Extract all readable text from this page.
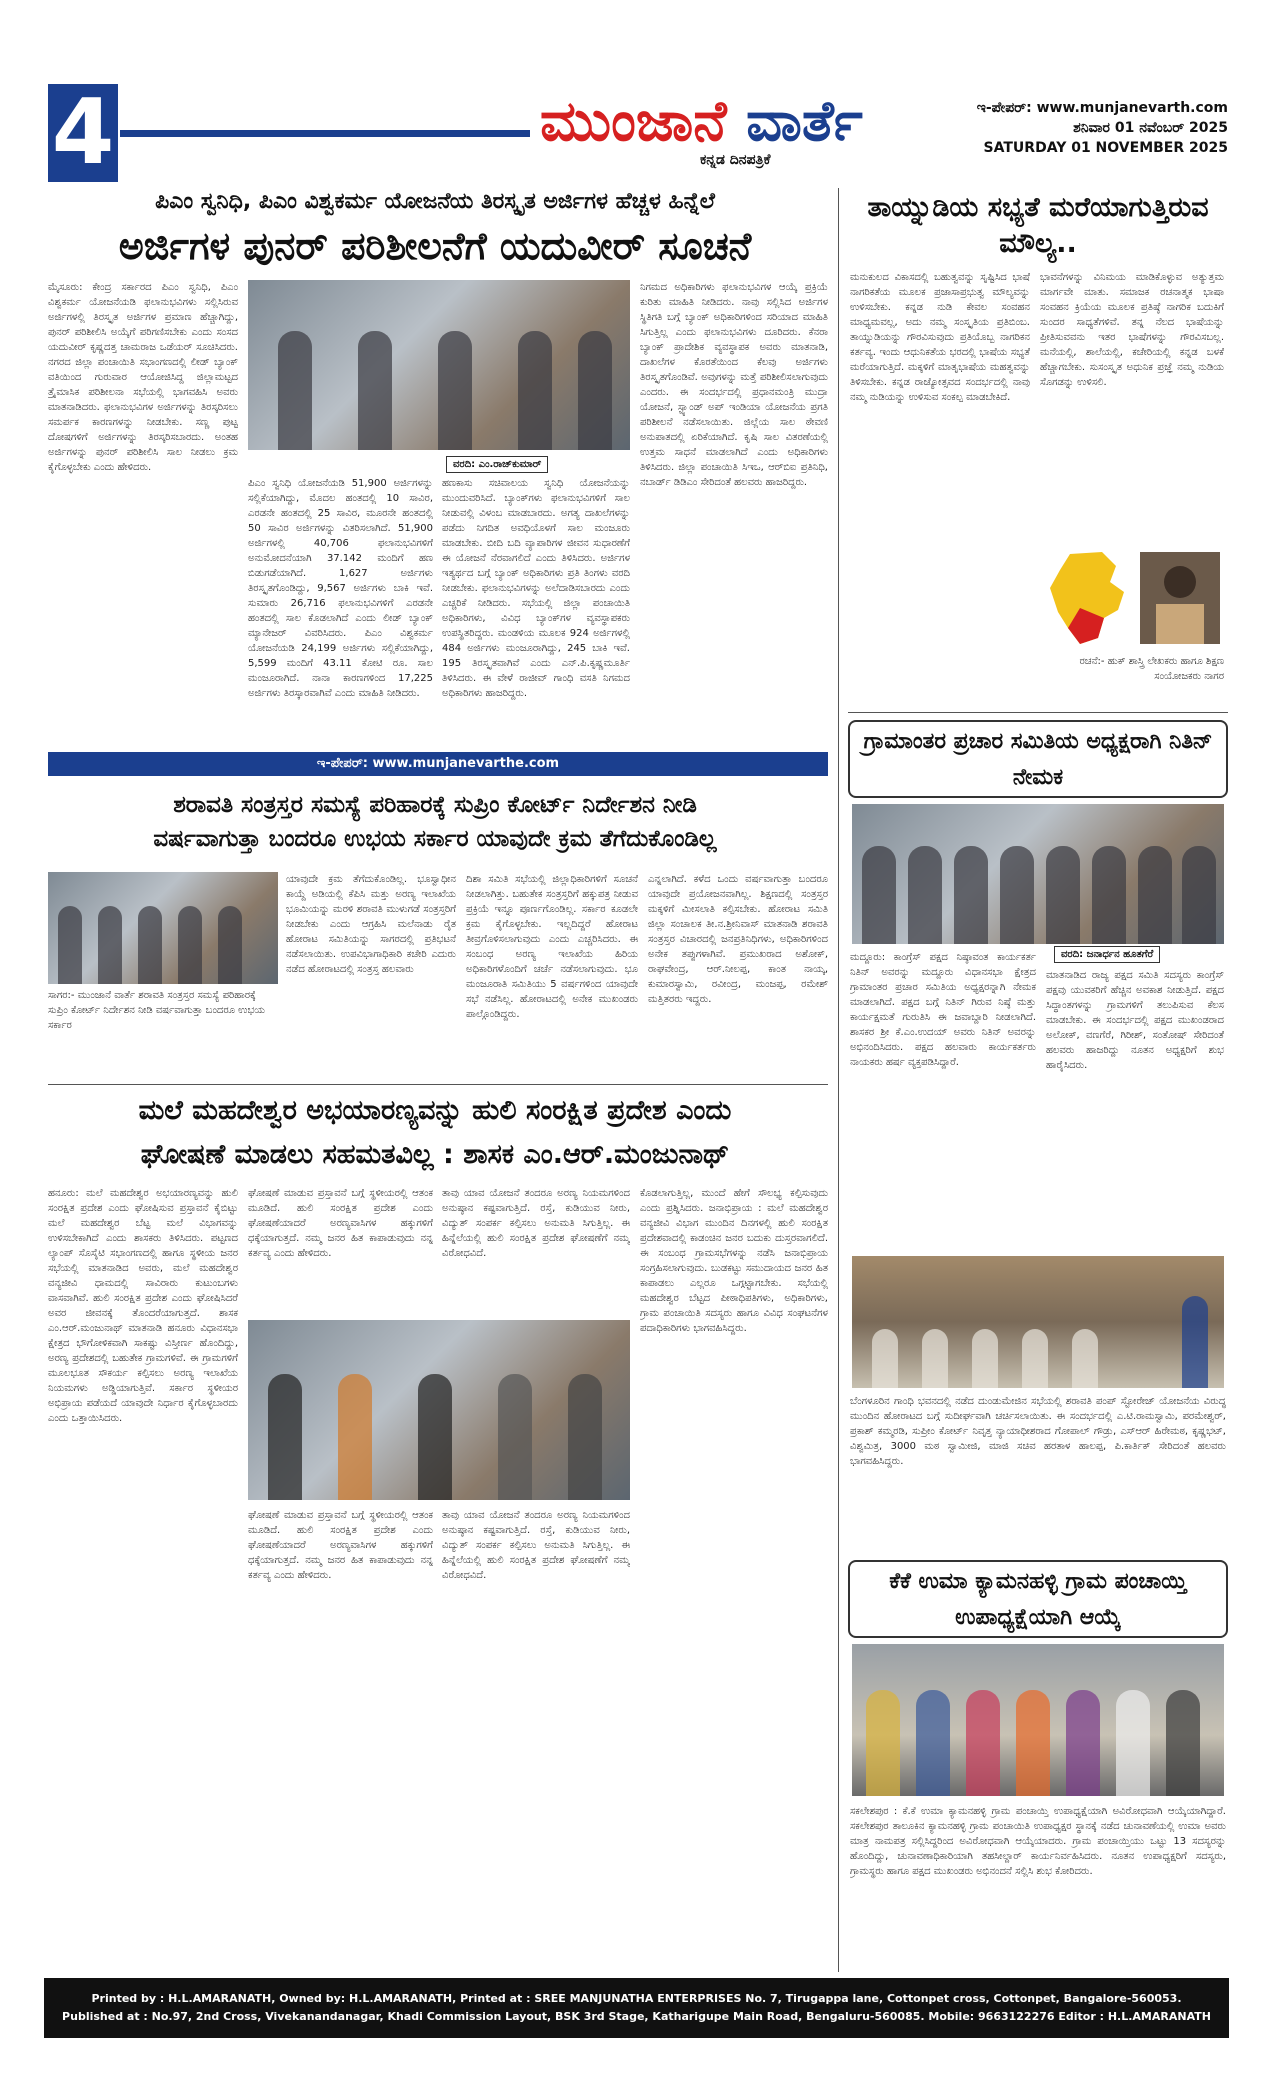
4	ಮುಂಜಾನೆ ವಾರ್ತೆ
ಕನ್ನಡ ದಿನಪತ್ರಿಕೆ
ಇ-ಪೇಪರ್: www.munjanevarth.com
ಶನಿವಾರ 01 ನವೆಂಬರ್ 2025
SATURDAY 01 NOVEMBER 2025
ಪಿಎಂ ಸ್ವನಿಧಿ, ಪಿಎಂ ವಿಶ್ವಕರ್ಮ ಯೋಜನೆಯ ತಿರಸ್ಕೃತ ಅರ್ಜಿಗಳ ಹೆಚ್ಚಳ ಹಿನ್ನೆಲೆ
ಅರ್ಜಿಗಳ ಪುನರ್ ಪರಿಶೀಲನೆಗೆ ಯದುವೀರ್ ಸೂಚನೆ
ಮೈಸೂರು: ಕೇಂದ್ರ ಸರ್ಕಾರದ ಪಿಎಂ ಸ್ವನಿಧಿ, ಪಿಎಂ ವಿಶ್ವಕರ್ಮ ಯೋಜನೆಯಡಿ ಫಲಾನುಭವಿಗಳು ಸಲ್ಲಿಸಿರುವ ಅರ್ಜಿಗಳಲ್ಲಿ ತಿರಸ್ಕೃತ ಅರ್ಜಿಗಳ ಪ್ರಮಾಣ ಹೆಚ್ಚಾಗಿದ್ದು, ಪುನರ್ ಪರಿಶೀಲಿಸಿ ಅಯ್ಕೆಗೆ ಪರಿಗಣಿಸಬೇಕು ಎಂದು ಸಂಸದ ಯದುವೀರ್ ಕೃಷ್ಣದತ್ತ ಚಾಮರಾಜ ಒಡೆಯರ್ ಸೂಚಿಸಿದರು. ನಗರದ ಜಿಲ್ಲಾ ಪಂಚಾಯಿತಿ ಸಭಾಂಗಣದಲ್ಲಿ ಲೀಡ್ ಬ್ಯಾಂಕ್ ವತಿಯಿಂದ ಗುರುವಾರ ಆಯೋಜಿಸಿದ್ದ ಜಿಲ್ಲಾಮಟ್ಟದ ತ್ರೈಮಾಸಿಕ ಪರಿಶೀಲನಾ ಸಭೆಯಲ್ಲಿ ಭಾಗವಹಿಸಿ ಅವರು ಮಾತನಾಡಿದರು. ಫಲಾನುಭವಿಗಳ ಅರ್ಜಿಗಳನ್ನು ತಿರಸ್ಕರಿಸಲು ಸಮರ್ಪಕ ಕಾರಣಗಳನ್ನು ನೀಡಬೇಕು. ಸಣ್ಣ ಪುಟ್ಟ ದೋಷಗಳಿಗೆ ಅರ್ಜಿಗಳನ್ನು ತಿರಸ್ಕರಿಸಬಾರದು. ಅಂತಹ ಅರ್ಜಿಗಳನ್ನು ಪುನರ್ ಪರಿಶೀಲಿಸಿ ಸಾಲ ನೀಡಲು ಕ್ರಮ ಕೈಗೊಳ್ಳಬೇಕು ಎಂದು ಹೇಳಿದರು.	ವರದಿ: ಎಂ.ರಾಜ್‌ಕುಮಾರ್
ಪಿಎಂ ಸ್ವನಿಧಿ ಯೋಜನೆಯಡಿ 51,900 ಅರ್ಜಿಗಳನ್ನು ಸಲ್ಲಿಕೆಯಾಗಿದ್ದು, ಮೊದಲ ಹಂತದಲ್ಲಿ 10 ಸಾವಿರ, ಎರಡನೇ ಹಂತದಲ್ಲಿ 25 ಸಾವಿರ, ಮೂರನೇ ಹಂತದಲ್ಲಿ 50 ಸಾವಿರ ಅರ್ಜಿಗಳನ್ನು ವಿತರಿಸಲಾಗಿದೆ. 51,900 ಅರ್ಜಿಗಳಲ್ಲಿ 40,706 ಫಲಾನುಭವಿಗಳಿಗೆ ಅನುಮೋದನೆಯಾಗಿ 37.142 ಮಂದಿಗೆ ಹಣ ಬಿಡುಗಡೆಯಾಗಿದೆ. 1,627 ಅರ್ಜಿಗಳು ತಿರಸ್ಕೃತಗೊಂಡಿದ್ದು, 9,567 ಅರ್ಜಿಗಳು ಬಾಕಿ ಇವೆ. ಸುಮಾರು 26,716 ಫಲಾನುಭವಿಗಳಿಗೆ ಎರಡನೇ ಹಂತದಲ್ಲಿ ಸಾಲ ಕೊಡಲಾಗಿದೆ ಎಂದು ಲೀಡ್ ಬ್ಯಾಂಕ್ ಮ್ಯಾನೇಜರ್ ವಿವರಿಸಿದರು. ಪಿಎಂ ವಿಶ್ವಕರ್ಮ ಯೋಜನೆಯಡಿ 24,199 ಅರ್ಜಿಗಳು ಸಲ್ಲಿಕೆಯಾಗಿದ್ದು, 5,599 ಮಂದಿಗೆ 43.11 ಕೋಟಿ ರೂ. ಸಾಲ ಮಂಜೂರಾಗಿದೆ. ನಾನಾ ಕಾರಣಗಳಿಂದ 17,225 ಅರ್ಜಿಗಳು ತಿರಸ್ಕಾರವಾಗಿವೆ ಎಂದು ಮಾಹಿತಿ ನೀಡಿದರು.
ಹಣಕಾಸು ಸಚಿವಾಲಯ ಸ್ವನಿಧಿ ಯೋಜನೆಯನ್ನು ಮುಂದುವರಿಸಿದೆ. ಬ್ಯಾಂಕ್‌ಗಳು ಫಲಾನುಭವಿಗಳಿಗೆ ಸಾಲ ನೀಡುವಲ್ಲಿ ವಿಳಂಬ ಮಾಡಬಾರದು. ಅಗತ್ಯ ದಾಖಲೆಗಳನ್ನು ಪಡೆದು ನಿಗದಿತ ಅವಧಿಯೊಳಗೆ ಸಾಲ ಮಂಜೂರು ಮಾಡಬೇಕು. ಬೀದಿ ಬದಿ ವ್ಯಾಪಾರಿಗಳ ಜೀವನ ಸುಧಾರಣೆಗೆ ಈ ಯೋಜನೆ ನೆರವಾಗಲಿದೆ ಎಂದು ತಿಳಿಸಿದರು. ಅರ್ಜಿಗಳ ಇತ್ಯರ್ಥದ ಬಗ್ಗೆ ಬ್ಯಾಂಕ್ ಅಧಿಕಾರಿಗಳು ಪ್ರತಿ ತಿಂಗಳು ವರದಿ ನೀಡಬೇಕು. ಫಲಾನುಭವಿಗಳನ್ನು ಅಲೆದಾಡಿಸಬಾರದು ಎಂದು ಎಚ್ಚರಿಕೆ ನೀಡಿದರು. ಸಭೆಯಲ್ಲಿ ಜಿಲ್ಲಾ ಪಂಚಾಯಿತಿ ಅಧಿಕಾರಿಗಳು, ವಿವಿಧ ಬ್ಯಾಂಕ್‌ಗಳ ವ್ಯವಸ್ಥಾಪಕರು ಉಪಸ್ಥಿತರಿದ್ದರು. ಮಂಡಳಿಯ ಮೂಲಕ 924 ಅರ್ಜಿಗಳಲ್ಲಿ 484 ಅರ್ಜಿಗಳು ಮಂಜೂರಾಗಿದ್ದು, 245 ಬಾಕಿ ಇವೆ. 195 ತಿರಸ್ಕೃತವಾಗಿವೆ ಎಂದು ಎನ್.ಪಿ.ಕೃಷ್ಣಮೂರ್ತಿ ತಿಳಿಸಿದರು. ಈ ವೇಳೆ ರಾಜೀವ್ ಗಾಂಧಿ ವಸತಿ ನಿಗಮದ ಅಧಿಕಾರಿಗಳು ಹಾಜರಿದ್ದರು.
ನಿಗಮದ ಅಧಿಕಾರಿಗಳು ಫಲಾನುಭವಿಗಳ ಆಯ್ಕೆ ಪ್ರಕ್ರಿಯೆ ಕುರಿತು ಮಾಹಿತಿ ನೀಡಿದರು. ನಾವು ಸಲ್ಲಿಸಿದ ಅರ್ಜಿಗಳ ಸ್ಥಿತಿಗತಿ ಬಗ್ಗೆ ಬ್ಯಾಂಕ್ ಅಧಿಕಾರಿಗಳಿಂದ ಸರಿಯಾದ ಮಾಹಿತಿ ಸಿಗುತ್ತಿಲ್ಲ ಎಂದು ಫಲಾನುಭವಿಗಳು ದೂರಿದರು. ಕೆನರಾ ಬ್ಯಾಂಕ್ ಪ್ರಾದೇಶಿಕ ವ್ಯವಸ್ಥಾಪಕ ಅವರು ಮಾತನಾಡಿ, ದಾಖಲೆಗಳ ಕೊರತೆಯಿಂದ ಕೆಲವು ಅರ್ಜಿಗಳು ತಿರಸ್ಕೃತಗೊಂಡಿವೆ. ಅವುಗಳನ್ನು ಮತ್ತೆ ಪರಿಶೀಲಿಸಲಾಗುವುದು ಎಂದರು. ಈ ಸಂದರ್ಭದಲ್ಲಿ ಪ್ರಧಾನಮಂತ್ರಿ ಮುದ್ರಾ ಯೋಜನೆ, ಸ್ಟ್ಯಾಂಡ್ ಅಪ್ ಇಂಡಿಯಾ ಯೋಜನೆಯ ಪ್ರಗತಿ ಪರಿಶೀಲನೆ ನಡೆಸಲಾಯಿತು. ಜಿಲ್ಲೆಯ ಸಾಲ ಠೇವಣಿ ಅನುಪಾತದಲ್ಲಿ ಏರಿಕೆಯಾಗಿದೆ. ಕೃಷಿ ಸಾಲ ವಿತರಣೆಯಲ್ಲಿ ಉತ್ತಮ ಸಾಧನೆ ಮಾಡಲಾಗಿದೆ ಎಂದು ಅಧಿಕಾರಿಗಳು ತಿಳಿಸಿದರು. ಜಿಲ್ಲಾ ಪಂಚಾಯಿತಿ ಸಿಇಒ, ಆರ್‌ಬಿಐ ಪ್ರತಿನಿಧಿ, ನಬಾರ್ಡ್ ಡಿಡಿಎಂ ಸೇರಿದಂತೆ ಹಲವರು ಹಾಜರಿದ್ದರು.
ಇ-ಪೇಪರ್: www.munjanevarthe.com
ಶರಾವತಿ ಸಂತ್ರಸ್ತರ ಸಮಸ್ಯೆ ಪರಿಹಾರಕ್ಕೆ ಸುಪ್ರಿಂ ಕೋರ್ಟ್ ನಿರ್ದೇಶನ ನೀಡಿ
ವರ್ಷವಾಗುತ್ತಾ ಬಂದರೂ ಉಭಯ ಸರ್ಕಾರ ಯಾವುದೇ ಕ್ರಮ ತೆಗೆದುಕೊಂಡಿಲ್ಲ
ಸಾಗರ:- ಮುಂಜಾನೆ ವಾರ್ತೆ ಶರಾವತಿ ಸಂತ್ರಸ್ತರ ಸಮಸ್ಯೆ ಪರಿಹಾರಕ್ಕೆ ಸುಪ್ರಿಂ ಕೋರ್ಟ್ ನಿರ್ದೇಶನ ನೀಡಿ ವರ್ಷವಾಗುತ್ತಾ ಬಂದರೂ ಉಭಯ ಸರ್ಕಾರ
ಯಾವುದೇ ಕ್ರಮ ತೆಗೆದುಕೊಂಡಿಲ್ಲ. ಭೂಸ್ವಾಧೀನ ಕಾಯ್ದೆ ಅಡಿಯಲ್ಲಿ ಕೆಪಿಸಿ ಮತ್ತು ಅರಣ್ಯ ಇಲಾಖೆಯ ಭೂಮಿಯನ್ನು ಮರಳಿ ಶರಾವತಿ ಮುಳುಗಡೆ ಸಂತ್ರಸ್ತರಿಗೆ ನೀಡಬೇಕು ಎಂದು ಆಗ್ರಹಿಸಿ ಮಲೆನಾಡು ರೈತ ಹೋರಾಟ ಸಮಿತಿಯನ್ನು ಸಾಗರದಲ್ಲಿ ಪ್ರತಿಭಟನೆ ನಡೆಸಲಾಯಿತು. ಉಪವಿಭಾಗಾಧಿಕಾರಿ ಕಚೇರಿ ಎದುರು ನಡೆದ ಹೋರಾಟದಲ್ಲಿ ಸಂತ್ರಸ್ತ ಹಲವಾರು
ದಿಶಾ ಸಮಿತಿ ಸಭೆಯಲ್ಲಿ ಜಿಲ್ಲಾಧಿಕಾರಿಗಳಿಗೆ ಸೂಚನೆ ನೀಡಲಾಗಿತ್ತು. ಬಹುತೇಕ ಸಂತ್ರಸ್ತರಿಗೆ ಹಕ್ಕುಪತ್ರ ನೀಡುವ ಪ್ರಕ್ರಿಯೆ ಇನ್ನೂ ಪೂರ್ಣಗೊಂಡಿಲ್ಲ. ಸರ್ಕಾರ ಕೂಡಲೇ ಕ್ರಮ ಕೈಗೊಳ್ಳಬೇಕು. ಇಲ್ಲದಿದ್ದರೆ ಹೋರಾಟ ತೀವ್ರಗೊಳಿಸಲಾಗುವುದು ಎಂದು ಎಚ್ಚರಿಸಿದರು. ಈ ಸಂಬಂಧ ಅರಣ್ಯ ಇಲಾಖೆಯ ಹಿರಿಯ ಅಧಿಕಾರಿಗಳೊಂದಿಗೆ ಚರ್ಚೆ ನಡೆಸಲಾಗುವುದು. ಭೂ ಮಂಜೂರಾತಿ ಸಮಿತಿಯು 5 ವರ್ಷಗಳಿಂದ ಯಾವುದೇ ಸಭೆ ನಡೆಸಿಲ್ಲ. ಹೋರಾಟದಲ್ಲಿ ಅನೇಕ ಮುಖಂಡರು ಪಾಲ್ಗೊಂಡಿದ್ದರು.
ಎನ್ನಲಾಗಿದೆ. ಕಳೆದ ಒಂದು ವರ್ಷವಾಗುತ್ತಾ ಬಂದರೂ ಯಾವುದೇ ಪ್ರಯೋಜನವಾಗಿಲ್ಲ. ಶಿಕ್ಷಣದಲ್ಲಿ ಸಂತ್ರಸ್ತರ ಮಕ್ಕಳಿಗೆ ಮೀಸಲಾತಿ ಕಲ್ಪಿಸಬೇಕು. ಹೋರಾಟ ಸಮಿತಿ ಜಿಲ್ಲಾ ಸಂಚಾಲಕ ತೀ.ನ.ಶ್ರೀನಿವಾಸ್ ಮಾತನಾಡಿ ಶರಾವತಿ ಸಂತ್ರಸ್ತರ ವಿಚಾರದಲ್ಲಿ ಜನಪ್ರತಿನಿಧಿಗಳು, ಅಧಿಕಾರಿಗಳಿಂದ ಅನೇಕ ತಪ್ಪುಗಳಾಗಿವೆ. ಪ್ರಮುಖರಾದ ಅಶೋಕ್, ರಾಘವೇಂದ್ರ, ಆರ್.ನೀಲಪ್ಪ, ಕಾಂತ ನಾಯ್ಕ, ಕುಮಾರಸ್ವಾಮಿ, ರವೀಂದ್ರ, ಮಂಜಪ್ಪ, ರಮೇಶ್ ಮತ್ತಿತರರು ಇದ್ದರು.
ಮಲೆ ಮಹದೇಶ್ವರ ಅಭಯಾರಣ್ಯವನ್ನು ಹುಲಿ ಸಂರಕ್ಷಿತ ಪ್ರದೇಶ ಎಂದು
ಘೋಷಣೆ ಮಾಡಲು ಸಹಮತವಿಲ್ಲ : ಶಾಸಕ ಎಂ.ಆರ್.ಮಂಜುನಾಥ್
ಹನೂರು: ಮಲೆ ಮಹದೇಶ್ವರ ಅಭಯಾರಣ್ಯವನ್ನು ಹುಲಿ ಸಂರಕ್ಷಿತ ಪ್ರದೇಶ ಎಂದು ಘೋಷಿಸುವ ಪ್ರಸ್ತಾವನೆ ಕೈಬಿಟ್ಟು ಮಲೆ ಮಹದೇಶ್ವರ ಬೆಟ್ಟ ಮಲೆ ವಿಭಾಗವನ್ನು ಉಳಿಸಬೇಕಾಗಿದೆ ಎಂದು ಶಾಸಕರು ತಿಳಿಸಿದರು. ಪಟ್ಟಣದ ಲ್ಯಾಂಪ್ ಸೊಸೈಟಿ ಸಭಾಂಗಣದಲ್ಲಿ ಹಾಗೂ ಸ್ಥಳೀಯ ಜನರ ಸಭೆಯಲ್ಲಿ ಮಾತನಾಡಿದ ಅವರು, ಮಲೆ ಮಹದೇಶ್ವರ ವನ್ಯಜೀವಿ ಧಾಮದಲ್ಲಿ ಸಾವಿರಾರು ಕುಟುಂಬಗಳು ವಾಸವಾಗಿವೆ. ಹುಲಿ ಸಂರಕ್ಷಿತ ಪ್ರದೇಶ ಎಂದು ಘೋಷಿಸಿದರೆ ಅವರ ಜೀವನಕ್ಕೆ ತೊಂದರೆಯಾಗುತ್ತದೆ. ಶಾಸಕ ಎಂ.ಆರ್.ಮಂಜುನಾಥ್ ಮಾತನಾಡಿ ಹನೂರು ವಿಧಾನಸಭಾ ಕ್ಷೇತ್ರದ ಭೌಗೋಳಿಕವಾಗಿ ಸಾಕಷ್ಟು ವಿಸ್ತೀರ್ಣ ಹೊಂದಿದ್ದು, ಅರಣ್ಯ ಪ್ರದೇಶದಲ್ಲಿ ಬಹುತೇಕ ಗ್ರಾಮಗಳಿವೆ. ಈ ಗ್ರಾಮಗಳಿಗೆ ಮೂಲಭೂತ ಸೌಕರ್ಯ ಕಲ್ಪಿಸಲು ಅರಣ್ಯ ಇಲಾಖೆಯ ನಿಯಮಗಳು ಅಡ್ಡಿಯಾಗುತ್ತಿವೆ. ಸರ್ಕಾರ ಸ್ಥಳೀಯರ ಅಭಿಪ್ರಾಯ ಪಡೆಯದೆ ಯಾವುದೇ ನಿರ್ಧಾರ ಕೈಗೊಳ್ಳಬಾರದು ಎಂದು ಒತ್ತಾಯಿಸಿದರು.
ಘೋಷಣೆ ಮಾಡುವ ಪ್ರಸ್ತಾವನೆ ಬಗ್ಗೆ ಸ್ಥಳೀಯರಲ್ಲಿ ಆತಂಕ ಮೂಡಿದೆ. ಹುಲಿ ಸಂರಕ್ಷಿತ ಪ್ರದೇಶ ಎಂದು ಘೋಷಣೆಯಾದರೆ ಅರಣ್ಯವಾಸಿಗಳ ಹಕ್ಕುಗಳಿಗೆ ಧಕ್ಕೆಯಾಗುತ್ತದೆ. ನಮ್ಮ ಜನರ ಹಿತ ಕಾಪಾಡುವುದು ನನ್ನ ಕರ್ತವ್ಯ ಎಂದು ಹೇಳಿದರು.
ತಾವು ಯಾವ ಯೋಜನೆ ತಂದರೂ ಅರಣ್ಯ ನಿಯಮಗಳಿಂದ ಅನುಷ್ಠಾನ ಕಷ್ಟವಾಗುತ್ತಿದೆ. ರಸ್ತೆ, ಕುಡಿಯುವ ನೀರು, ವಿದ್ಯುತ್ ಸಂಪರ್ಕ ಕಲ್ಪಿಸಲು ಅನುಮತಿ ಸಿಗುತ್ತಿಲ್ಲ. ಈ ಹಿನ್ನೆಲೆಯಲ್ಲಿ ಹುಲಿ ಸಂರಕ್ಷಿತ ಪ್ರದೇಶ ಘೋಷಣೆಗೆ ನಮ್ಮ ವಿರೋಧವಿದೆ.
ಘೋಷಣೆ ಮಾಡುವ ಪ್ರಸ್ತಾವನೆ ಬಗ್ಗೆ ಸ್ಥಳೀಯರಲ್ಲಿ ಆತಂಕ ಮೂಡಿದೆ. ಹುಲಿ ಸಂರಕ್ಷಿತ ಪ್ರದೇಶ ಎಂದು ಘೋಷಣೆಯಾದರೆ ಅರಣ್ಯವಾಸಿಗಳ ಹಕ್ಕುಗಳಿಗೆ ಧಕ್ಕೆಯಾಗುತ್ತದೆ. ನಮ್ಮ ಜನರ ಹಿತ ಕಾಪಾಡುವುದು ನನ್ನ ಕರ್ತವ್ಯ ಎಂದು ಹೇಳಿದರು.
ತಾವು ಯಾವ ಯೋಜನೆ ತಂದರೂ ಅರಣ್ಯ ನಿಯಮಗಳಿಂದ ಅನುಷ್ಠಾನ ಕಷ್ಟವಾಗುತ್ತಿದೆ. ರಸ್ತೆ, ಕುಡಿಯುವ ನೀರು, ವಿದ್ಯುತ್ ಸಂಪರ್ಕ ಕಲ್ಪಿಸಲು ಅನುಮತಿ ಸಿಗುತ್ತಿಲ್ಲ. ಈ ಹಿನ್ನೆಲೆಯಲ್ಲಿ ಹುಲಿ ಸಂರಕ್ಷಿತ ಪ್ರದೇಶ ಘೋಷಣೆಗೆ ನಮ್ಮ ವಿರೋಧವಿದೆ.
ಕೊಡಲಾಗುತ್ತಿಲ್ಲ, ಮುಂದೆ ಹೇಗೆ ಸೌಲಭ್ಯ ಕಲ್ಪಿಸುವುದು ಎಂದು ಪ್ರಶ್ನಿಸಿದರು. ಜನಾಭಿಪ್ರಾಯ : ಮಲೆ ಮಹದೇಶ್ವರ ವನ್ಯಜೀವಿ ವಿಭಾಗ ಮುಂದಿನ ದಿನಗಳಲ್ಲಿ ಹುಲಿ ಸಂರಕ್ಷಿತ ಪ್ರದೇಶವಾದಲ್ಲಿ ಕಾಡಂಚಿನ ಜನರ ಬದುಕು ದುಸ್ತರವಾಗಲಿದೆ. ಈ ಸಂಬಂಧ ಗ್ರಾಮಸಭೆಗಳನ್ನು ನಡೆಸಿ ಜನಾಭಿಪ್ರಾಯ ಸಂಗ್ರಹಿಸಲಾಗುವುದು. ಬುಡಕಟ್ಟು ಸಮುದಾಯದ ಜನರ ಹಿತ ಕಾಪಾಡಲು ಎಲ್ಲರೂ ಒಗ್ಗಟ್ಟಾಗಬೇಕು. ಸಭೆಯಲ್ಲಿ ಮಹದೇಶ್ವರ ಬೆಟ್ಟದ ಪೀಠಾಧಿಪತಿಗಳು, ಅಧಿಕಾರಿಗಳು, ಗ್ರಾಮ ಪಂಚಾಯಿತಿ ಸದಸ್ಯರು ಹಾಗೂ ವಿವಿಧ ಸಂಘಟನೆಗಳ ಪದಾಧಿಕಾರಿಗಳು ಭಾಗವಹಿಸಿದ್ದರು.
ತಾಯ್ನುಡಿಯ ಸಭ್ಯತೆ ಮರೆಯಾಗುತ್ತಿರುವ ಮೌಲ್ಯ..
ಮನುಕುಲದ ವಿಕಾಸದಲ್ಲಿ ಬಹುತ್ವವನ್ನು ಸೃಷ್ಟಿಸಿದ ಭಾಷೆ ನಾಗರಿಕತೆಯ ಮೂಲಕ ಪ್ರಜಾಸಾಪ್ರಭುತ್ವ ಮೌಲ್ಯವನ್ನು ಉಳಿಸಬೇಕು. ಕನ್ನಡ ನುಡಿ ಕೇವಲ ಸಂವಹನ ಮಾಧ್ಯಮವಲ್ಲ, ಅದು ನಮ್ಮ ಸಂಸ್ಕೃತಿಯ ಪ್ರತಿಬಿಂಬ. ತಾಯ್ನುಡಿಯನ್ನು ಗೌರವಿಸುವುದು ಪ್ರತಿಯೊಬ್ಬ ನಾಗರಿಕನ ಕರ್ತವ್ಯ. ಇಂದು ಆಧುನಿಕತೆಯ ಭರದಲ್ಲಿ ಭಾಷೆಯ ಸಭ್ಯತೆ ಮರೆಯಾಗುತ್ತಿದೆ. ಮಕ್ಕಳಿಗೆ ಮಾತೃಭಾಷೆಯ ಮಹತ್ವವನ್ನು ತಿಳಿಸಬೇಕು. ಕನ್ನಡ ರಾಜ್ಯೋತ್ಸವದ ಸಂದರ್ಭದಲ್ಲಿ ನಾವು ನಮ್ಮ ನುಡಿಯನ್ನು ಉಳಿಸುವ ಸಂಕಲ್ಪ ಮಾಡಬೇಕಿದೆ.
ಭಾವನೆಗಳನ್ನು ವಿನಿಮಯ ಮಾಡಿಕೊಳ್ಳುವ ಅತ್ಯುತ್ತಮ ಮಾರ್ಗವೇ ಮಾತು. ಸಮಾಜಕ ರಚನಾತ್ಮಕ ಭಾಷಾ ಸಂವಹನ ಕ್ರಿಯೆಯ ಮೂಲಕ ಪ್ರತಿಷ್ಠೆ ನಾಗರಿಕ ಬದುಕಿಗೆ ಸುಂದರ ಸಾಧ್ಯತೆಗಳಿವೆ. ತನ್ನ ನೆಲದ ಭಾಷೆಯನ್ನು ಪ್ರೀತಿಸುವವನು ಇತರ ಭಾಷೆಗಳನ್ನು ಗೌರವಿಸಬಲ್ಲ. ಮನೆಯಲ್ಲಿ, ಶಾಲೆಯಲ್ಲಿ, ಕಚೇರಿಯಲ್ಲಿ ಕನ್ನಡ ಬಳಕೆ ಹೆಚ್ಚಾಗಬೇಕು. ಸುಸಂಸ್ಕೃತ ಅಧುನಿಕ ಪ್ರಜ್ಞೆ ನಮ್ಮ ನುಡಿಯ ಸೊಗಡನ್ನು ಉಳಿಸಲಿ.
ರಚನೆ:- ಹುಕ್ ಶಾಸ್ತ್ರಿ ಲೇಖಕರು ಹಾಗೂ ಶಿಕ್ಷಣ ಸಂಯೋಜಕರು ನಾಗರ
ಗ್ರಾಮಾಂತರ ಪ್ರಚಾರ ಸಮಿತಿಯ ಅಧ್ಯಕ್ಷರಾಗಿ ನಿತಿನ್ ನೇಮಕ
ವರದಿ: ಜನಾರ್ಧನ ಹೂತಗೆರೆ
ಮದ್ದೂರು: ಕಾಂಗ್ರೆಸ್ ಪಕ್ಷದ ನಿಷ್ಠಾವಂತ ಕಾರ್ಯಕರ್ತ ನಿತಿನ್ ಅವರನ್ನು ಮದ್ದೂರು ವಿಧಾನಸಭಾ ಕ್ಷೇತ್ರದ ಗ್ರಾಮಾಂತರ ಪ್ರಚಾರ ಸಮಿತಿಯ ಅಧ್ಯಕ್ಷರನ್ನಾಗಿ ನೇಮಕ ಮಾಡಲಾಗಿದೆ. ಪಕ್ಷದ ಬಗ್ಗೆ ನಿತಿನ್ ಗಿರುವ ನಿಷ್ಠೆ ಮತ್ತು ಕಾರ್ಯಕ್ಷಮತೆ ಗುರುತಿಸಿ ಈ ಜವಾಬ್ದಾರಿ ನೀಡಲಾಗಿದೆ. ಶಾಸಕರ ಶ್ರೀ ಕೆ.ಎಂ.ಉದಯ್ ಅವರು ನಿತಿನ್ ಅವರನ್ನು ಅಭಿನಂದಿಸಿದರು. ಪಕ್ಷದ ಹಲವಾರು ಕಾರ್ಯಕರ್ತರು ನಾಯಕರು ಹರ್ಷ ವ್ಯಕ್ತಪಡಿಸಿದ್ದಾರೆ.
ಮಾತನಾಡಿದ ರಾಜ್ಯ ಪಕ್ಷದ ಸಮಿತಿ ಸದಸ್ಯರು ಕಾಂಗ್ರೆಸ್ ಪಕ್ಷವು ಯುವಕರಿಗೆ ಹೆಚ್ಚಿನ ಅವಕಾಶ ನೀಡುತ್ತಿದೆ. ಪಕ್ಷದ ಸಿದ್ಧಾಂತಗಳನ್ನು ಗ್ರಾಮಗಳಿಗೆ ತಲುಪಿಸುವ ಕೆಲಸ ಮಾಡಬೇಕು. ಈ ಸಂದರ್ಭದಲ್ಲಿ ಪಕ್ಷದ ಮುಖಂಡರಾದ ಅಲೋಕ್, ವಣಗೆರೆ, ಗಿರೀಶ್, ಸಂತೋಷ್ ಸೇರಿದಂತೆ ಹಲವರು ಹಾಜರಿದ್ದು ನೂತನ ಅಧ್ಯಕ್ಷರಿಗೆ ಶುಭ ಹಾರೈಸಿದರು.
ಬೆಂಗಳೂರಿನ ಗಾಂಧಿ ಭವನದಲ್ಲಿ ನಡೆದ ದುಂಡುಮೇಜಿನ ಸಭೆಯಲ್ಲಿ ಶರಾವತಿ ಪಂಪ್ ಸ್ಟೋರೇಜ್ ಯೋಜನೆಯ ವಿರುದ್ಧ ಮುಂದಿನ ಹೋರಾಟದ ಬಗ್ಗೆ ಸುದೀರ್ಘವಾಗಿ ಚರ್ಚಿಸಲಾಯಿತು. ಈ ಸಂದರ್ಭದಲ್ಲಿ ಎ.ಟಿ.ರಾಮಸ್ವಾಮಿ, ಪರಮೇಶ್ವರ್, ಪ್ರಕಾಶ್ ಕಮ್ಮರಡಿ, ಸುಪ್ರೀಂ ಕೋರ್ಟ್ ನಿವೃತ್ತ ನ್ಯಾಯಾಧೀಶರಾದ ಗೋಪಾಲ್ ಗೌಡ್ರು, ಎಸ್‌ಆರ್ ಹಿರೇಮಠ, ಕೃಷ್ಣಭಟ್, ವಿಶ್ವಮಿತ್ರ, 3000 ಮಠ ಸ್ವಾಮೀಜಿ, ಮಾಜಿ ಸಚಿವ ಹರತಾಳ ಹಾಲಪ್ಪ, ಪಿ.ಕಾರ್ತಿಕ್ ಸೇರಿದಂತೆ ಹಲವರು ಭಾಗವಹಿಸಿದ್ದರು.
ಕೆಕೆ ಉಮಾ ಕ್ಯಾಮನಹಳ್ಳಿ ಗ್ರಾಮ ಪಂಚಾಯ್ತಿ ಉಪಾಧ್ಯಕ್ಷೆಯಾಗಿ ಆಯ್ಕೆ
ಸಕಲೇಶಪುರ : ಕೆ.ಕೆ ಉಮಾ ಕ್ಯಾಮನಹಳ್ಳಿ ಗ್ರಾಮ ಪಂಚಾಯ್ತಿ ಉಪಾಧ್ಯಕ್ಷೆಯಾಗಿ ಅವಿರೋಧವಾಗಿ ಆಯ್ಕೆಯಾಗಿದ್ದಾರೆ. ಸಕಲೇಶಪುರ ತಾಲೂಕಿನ ಕ್ಯಾಮನಹಳ್ಳಿ ಗ್ರಾಮ ಪಂಚಾಯಿತಿ ಉಪಾಧ್ಯಕ್ಷರ ಸ್ಥಾನಕ್ಕೆ ನಡೆದ ಚುನಾವಣೆಯಲ್ಲಿ ಉಮಾ ಅವರು ಮಾತ್ರ ನಾಮಪತ್ರ ಸಲ್ಲಿಸಿದ್ದರಿಂದ ಅವಿರೋಧವಾಗಿ ಆಯ್ಕೆಯಾದರು. ಗ್ರಾಮ ಪಂಚಾಯ್ತಿಯು ಒಟ್ಟು 13 ಸದಸ್ಯರನ್ನು ಹೊಂದಿದ್ದು, ಚುನಾವಣಾಧಿಕಾರಿಯಾಗಿ ತಹಸೀಲ್ದಾರ್ ಕಾರ್ಯನಿರ್ವಹಿಸಿದರು. ನೂತನ ಉಪಾಧ್ಯಕ್ಷರಿಗೆ ಸದಸ್ಯರು, ಗ್ರಾಮಸ್ಥರು ಹಾಗೂ ಪಕ್ಷದ ಮುಖಂಡರು ಅಭಿನಂದನೆ ಸಲ್ಲಿಸಿ ಶುಭ ಕೋರಿದರು.
Printed by : H.L.AMARANATH, Owned by: H.L.AMARANATH, Printed at : SREE MANJUNATHA ENTERPRISES No. 7, Tirugappa lane, Cottonpet cross, Cottonpet, Bangalore-560053.
Published at : No.97, 2nd Cross, Vivekanandanagar, Khadi Commission Layout, BSK 3rd Stage, Katharigupe Main Road, Bengaluru-560085. Mobile: 9663122276 Editor : H.L.AMARANATH
